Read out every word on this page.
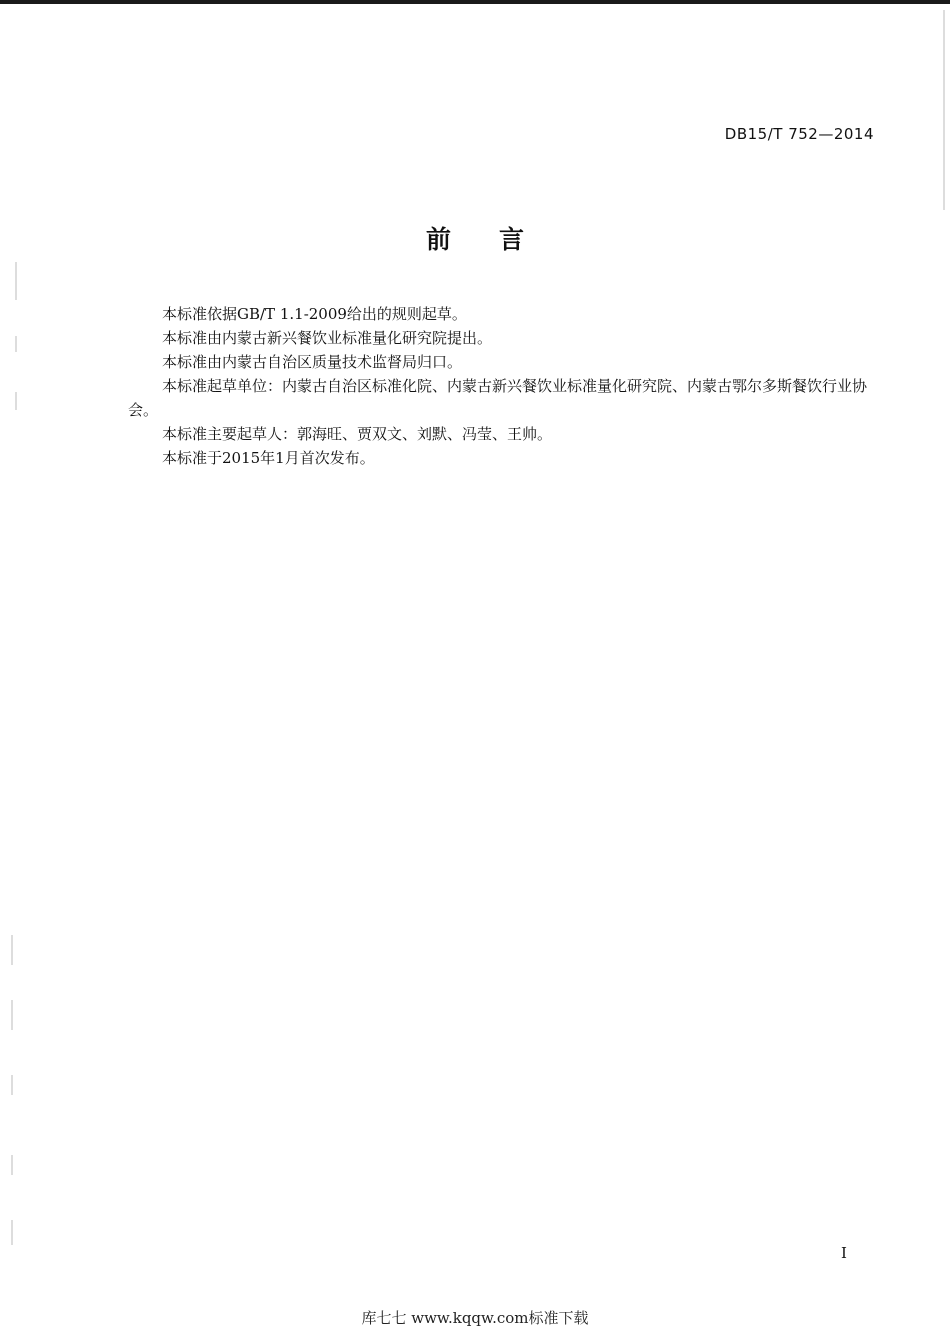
DB15/T 752—2014
前 言

本标准依据GB/T 1.1-2009给出的规则起草。

本标准由内蒙古新兴餐饮业标准量化研究院提出。

本标准由内蒙古自治区质量技术监督局归口。

本标准起草单位：内蒙古自治区标准化院、内蒙古新兴餐饮业标准量化研究院、内蒙古鄂尔多斯餐饮行业协会。

本标准主要起草人：郭海旺、贾双文、刘默、冯莹、王帅。

本标准于2015年1月首次发布。

I
库七七 www.kqqw.com标准下载
